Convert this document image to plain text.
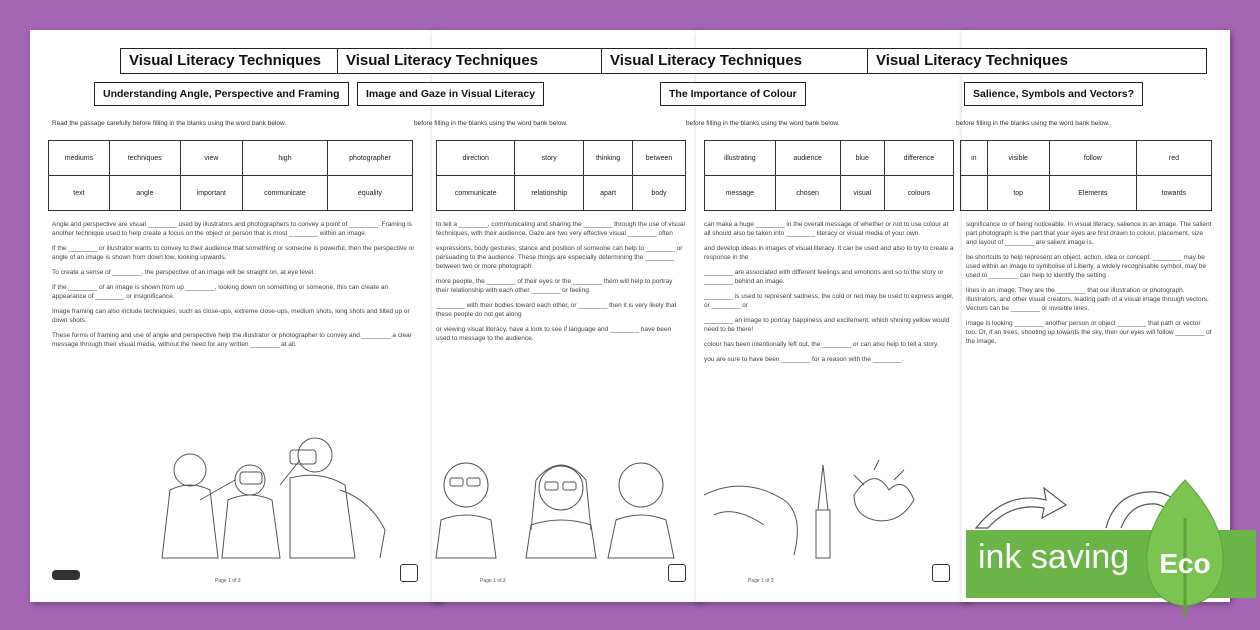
Visual Literacy Techniques
Understanding Angle, Perspective and Framing
Read the passage carefully before filling in the blanks using the word bank below.
mediums	techniques	view	high	photographer
text	angle	important	communicate	equality

Angle and perspective are visual ________ used by illustrators and photographers to convey a point of ________. Framing is another technique used to help create a focus on the object or person that is most ________ within an image.

If the ________ or illustrator wants to convey to their audience that something or someone is powerful, then the perspective or angle of an image is shown from down low, looking upwards.

To create a sense of ________, the perspective of an image will be straight on, at eye level.

If the ________ of an image is shown from up ________, looking down on something or someone, this can create an appearance of ________ or insignificance.

Image framing can also include techniques, such as close-ups, extreme close-ups, medium shots, long shots and tilted up or down shots.

These forms of framing and use of angle and perspective help the illustrator or photographer to convey and ________ a clear message through their visual media, without the need for any written ________ at all.

Page 1 of 3
Visual Literacy Techniques
Image and Gaze in Visual Literacy
before filling in the blanks using the word bank below.
direction	story	thinking	between
communicate	relationship	apart	body

to tell a ________, communicating and sharing the ________ through the use of visual techniques, with their audience. Gaze are two very effective visual ________ often

expressions, body gestures, stance and position of someone can help to ________ or persuading to the audience. These things are especially determining the ________ between two or more photograph.

more people, the ________ of their eyes or the ________ them will help to portray their relationship with each other ________ or feeling.

________ with their bodies toward each other, or ________ then it is very likely that these people do not get along

or viewing visual literacy, have a look to see if language and ________ have been used to message to the audience.

Page 1 of 3
Visual Literacy Techniques
The Importance of Colour
before filling in the blanks using the word bank below.
illustrating	audience	blue	difference
message	chosen	visual	colours

can make a huge ________ in the overall message of whether or not to use colour at all should also be taken into ________ literacy or visual media of your own.

and develop ideas in images of visual literacy. It can be used and also to try to create a response in the

________ are associated with different feelings and emotions and so to the story or ________ behind an image.

________ is used to represent sadness, the cold or red may be used to express anger, or ________ or

________ an image to portray happiness and excitement, which shining yellow would need to be there!

colour has been intentionally left out, the ________ or can also help to tell a story.

you are sure to have been ________ for a reason with the ________.

Page 1 of 3
Visual Literacy Techniques
Salience, Symbols and Vectors?
before filling in the blanks using the word bank below.
in	visible	follow	red
	top	Elements	towards

significance or of being noticeable. In visual literacy, salience in an image. The salient part photograph is the part that your eyes are first drawn to colour, placement, size and layout of ________ are salient image is.

be shortcuts to help represent an object, action, idea or concept. ________ may be used within an image to symbolise of Liberty, a widely recognisable symbol, may be used to ________ can help to identify the setting

lines in an image. They are the ________ that our illustration or photograph. Illustrators, and other visual creators, leading path of a visual image through vectors. Vectors can be ________ or invisible lines.

image is looking ________ another person or object ________ that path or vector too. Or, if an trees, shooting up towards the sky, then our eyes will follow ________ of the image.

ink saving Eco
